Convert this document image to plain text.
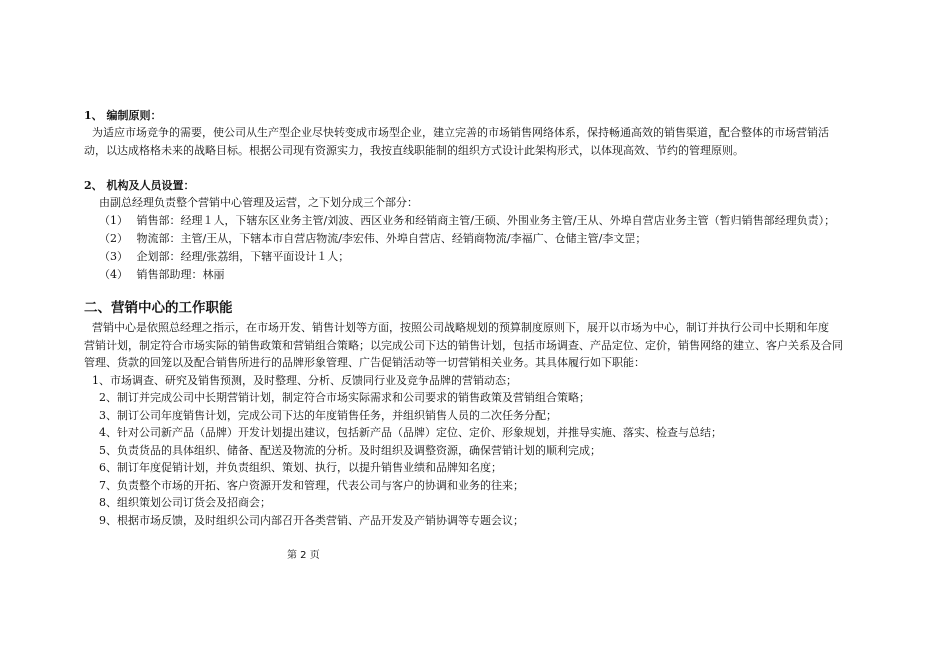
1、 编制原则：
为适应市场竞争的需要，使公司从生产型企业尽快转变成市场型企业，建立完善的市场销售网络体系，保持畅通高效的销售渠道，配合整体的市场营销活
动，以达成格格未来的战略目标。根据公司现有资源实力，我按直线职能制的组织方式设计此架构形式，以体现高效、节约的管理原则。
2、 机构及人员设置：
由副总经理负责整个营销中心管理及运营，之下划分成三个部分：
（1） 销售部：经理１人，下辖东区业务主管/刘波、西区业务和经销商主管/王硕、外围业务主管/王从、外埠自营店业务主管（暂归销售部经理负责）；
（2） 物流部：主管/王从，下辖本市自营店物流/李宏伟、外埠自营店、经销商物流/李福广、仓储主管/李文罡；
（3） 企划部：经理/张荔绢，下辖平面设计１人；
（4） 销售部助理：林丽
二、营销中心的工作职能
营销中心是依照总经理之指示，在市场开发、销售计划等方面，按照公司战略规划的预算制度原则下，展开以市场为中心，制订并执行公司中长期和年度
营销计划，制定符合市场实际的销售政策和营销组合策略；以完成公司下达的销售计划，包括市场调查、产品定位、定价，销售网络的建立、客户关系及合同
管理、货款的回笼以及配合销售所进行的品牌形象管理、广告促销活动等一切营销相关业务。其具体履行如下职能：
1、市场调查、研究及销售预测，及时整理、分析、反馈同行业及竞争品牌的营销动态；
2、制订并完成公司中长期营销计划，制定符合市场实际需求和公司要求的销售政策及营销组合策略；
3、制订公司年度销售计划，完成公司下达的年度销售任务，并组织销售人员的二次任务分配；
4、针对公司新产品（品牌）开发计划提出建议，包括新产品（品牌）定位、定价、形象规划，并推导实施、落实、检查与总结；
5、负责货品的具体组织、储备、配送及物流的分析。及时组织及调整资源，确保营销计划的顺利完成；
6、制订年度促销计划，并负责组织、策划、执行，以提升销售业绩和品牌知名度；
7、负责整个市场的开拓、客户资源开发和管理，代表公司与客户的协调和业务的往来；
8、组织策划公司订货会及招商会；
9、根据市场反馈，及时组织公司内部召开各类营销、产品开发及产销协调等专题会议；
第 2 页
